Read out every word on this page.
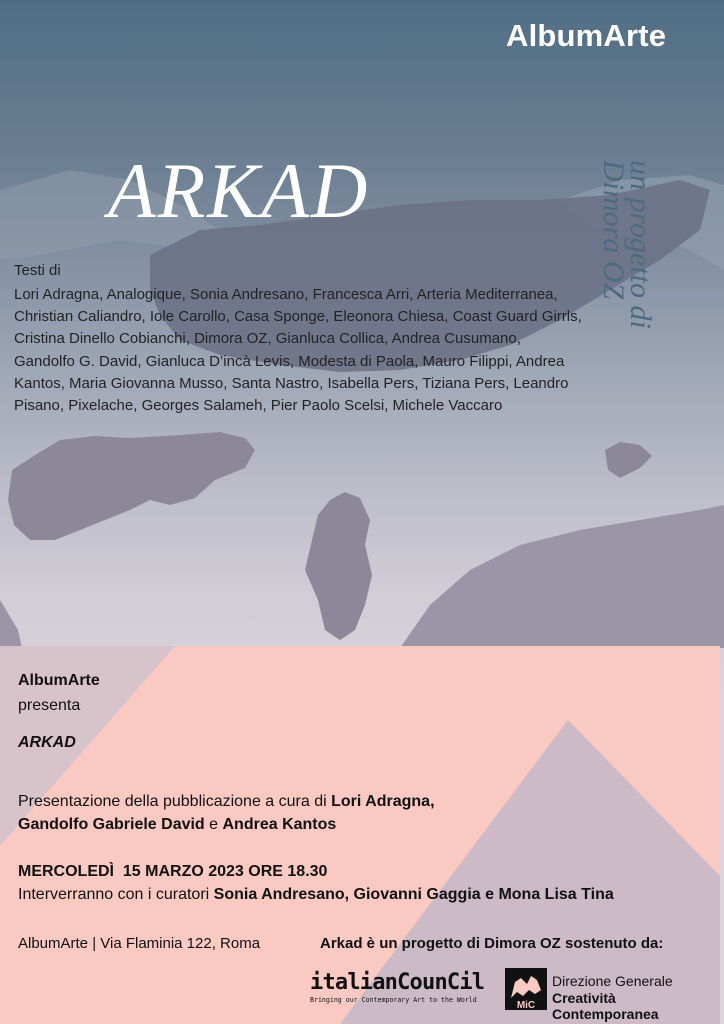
AlbumArte
ARKAD	un progetto di
Dimora OZ
Testi di
Lori Adragna, Analogique, Sonia Andresano, Francesca Arri, Arteria Mediterranea, Christian Caliandro, Iole Carollo, Casa Sponge, Eleonora Chiesa, Coast Guard Girrls, Cristina Dinello Cobianchi, Dimora OZ, Gianluca Collica, Andrea Cusumano, Gandolfo G. David, Gianluca D’incà Levis, Modesta di Paola, Mauro Filippi, Andrea Kantos, Maria Giovanna Musso, Santa Nastro, Isabella Pers, Tiziana Pers, Leandro Pisano, Pixelache, Georges Salameh, Pier Paolo Scelsi, Michele Vaccaro
AlbumArte
presenta
ARKAD
Presentazione della pubblicazione a cura di Lori Adragna,
Gandolfo Gabriele David e Andrea Kantos
MERCOLEDÌ  15 MARZO 2023 ORE 18.30
Interverranno con i curatori Sonia Andresano, Giovanni Gaggia e Mona Lisa Tina
AlbumArte | Via Flaminia 122, Roma	Arkad è un progetto di Dimora OZ sostenuto da:
italianCounCil
Bringing our Contemporary Art to the World	MiC
Direzione Generale
Creatività Contemporanea
